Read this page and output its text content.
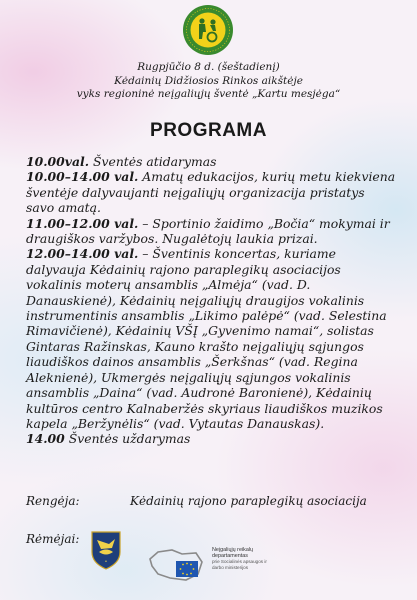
Rugpjūčio 8 d. (šeštadienį)
Kėdainių Didžiosios Rinkos aikštėje
vyks regioninė neįgaliųjų šventė „Kartu mesjėga“
PROGRAMA
10.00val. Šventės atidarymas
10.00–14.00 val. Amatų edukacijos, kurių metu kiekviena šventėje dalyvaujanti neįgaliųjų organizacija pristatys savo amatą.
11.00–12.00 val. – Sportinio žaidimo „Bočia“ mokymai ir draugiškos varžybos. Nugalėtojų laukia prizai.
12.00–14.00 val. – Šventinis koncertas, kuriame dalyvauja Kėdainių rajono paraplegikų asociacijos vokalinis moterų ansamblis „Almėja“ (vad. D. Danauskienė), Kėdainių neįgaliųjų draugijos vokalinis instrumentinis ansamblis „Likimo palėpė“ (vad. Selestina Rimavičienė), Kėdainių VŠĮ „Gyvenimo namai“, solistas Gintaras Ražinskas, Kauno krašto neįgaliųjų sąjungos liaudiškos dainos ansamblis „Šerkšnas“ (vad. Regina Aleknienė), Ukmergės neįgaliųjų sąjungos vokalinis ansamblis „Daina“ (vad. Audronė Baronienė), Kėdainių kultūros centro Kalnaberžės skyriaus liaudiškos muzikos kapela „Beržynėlis“ (vad. Vytautas Danauskas).
14.00 Šventės uždarymas
Rengėja:	Kėdainių rajono paraplegikų asociacija
Rėmėjai:
•
Neįgaliųjų reikalų departamentas
prie Socialinės apsaugos ir darbo ministerijos
